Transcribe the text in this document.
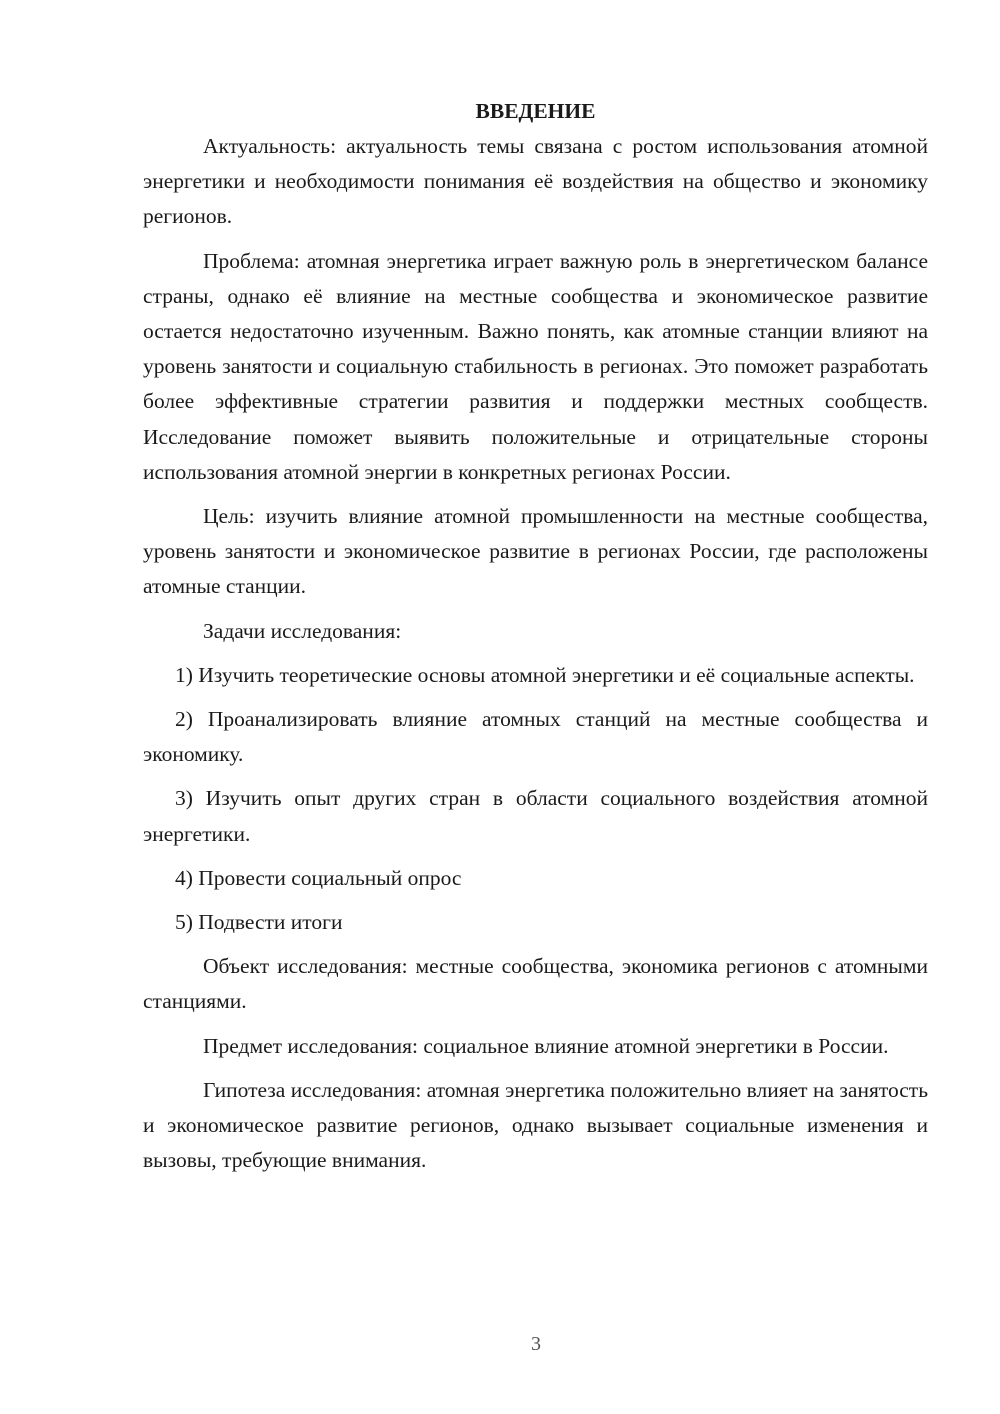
ВВЕДЕНИЕ

Актуальность: актуальность темы связана с ростом использования атомной энергетики и необходимости понимания её воздействия на общество и экономику регионов.

Проблема: атомная энергетика играет важную роль в энергетическом балансе страны, однако её влияние на местные сообщества и экономическое развитие остается недостаточно изученным. Важно понять, как атомные станции влияют на уровень занятости и социальную стабильность в регионах. Это поможет разработать более эффективные стратегии развития и поддержки местных сообществ. Исследование поможет выявить положительные и отрицательные стороны использования атомной энергии в конкретных регионах России.

Цель: изучить влияние атомной промышленности на местные сообщества, уровень занятости и экономическое развитие в регионах России, где расположены атомные станции.

Задачи исследования:

1) Изучить теоретические основы атомной энергетики и её социальные аспекты.

2) Проанализировать влияние атомных станций на местные сообщества и экономику.

3) Изучить опыт других стран в области социального воздействия атомной энергетики.

4) Провести социальный опрос

5) Подвести итоги

Объект исследования: местные сообщества, экономика регионов с атомными станциями.

Предмет исследования: социальное влияние атомной энергетики в России.

Гипотеза исследования: атомная энергетика положительно влияет на занятость и экономическое развитие регионов, однако вызывает социальные изменения и вызовы, требующие внимания.

3
